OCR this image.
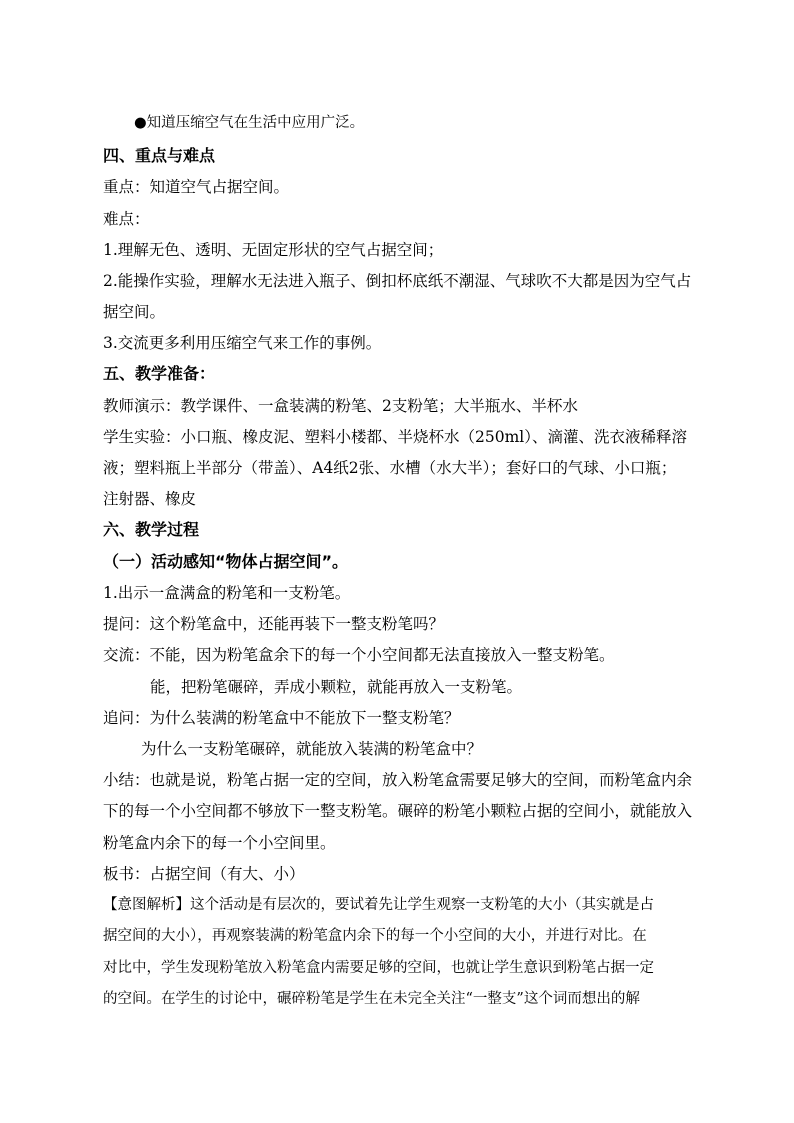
●知道压缩空气在生活中应用广泛。
四、重点与难点
重点：知道空气占据空间。
难点：
1.理解无色、透明、无固定形状的空气占据空间；
2.能操作实验，理解水无法进入瓶子、倒扣杯底纸不潮湿、气球吹不大都是因为空气占
据空间。
3.交流更多利用压缩空气来工作的事例。
五、教学准备：
教师演示：教学课件、一盒装满的粉笔、2支粉笔；大半瓶水、半杯水
学生实验：小口瓶、橡皮泥、塑料小楼都、半烧杯水（250ml）、滴灌、洗衣液稀释溶
液；塑料瓶上半部分（带盖）、A4纸2张、水槽（水大半）；套好口的气球、小口瓶；
注射器、橡皮
六、教学过程
（一）活动感知“物体占据空间”。
1.出示一盒满盒的粉笔和一支粉笔。
提问：这个粉笔盒中，还能再装下一整支粉笔吗？
交流：不能，因为粉笔盒余下的每一个小空间都无法直接放入一整支粉笔。
能，把粉笔碾碎，弄成小颗粒，就能再放入一支粉笔。
追问：为什么装满的粉笔盒中不能放下一整支粉笔？
为什么一支粉笔碾碎，就能放入装满的粉笔盒中？
小结：也就是说，粉笔占据一定的空间，放入粉笔盒需要足够大的空间，而粉笔盒内余
下的每一个小空间都不够放下一整支粉笔。碾碎的粉笔小颗粒占据的空间小，就能放入
粉笔盒内余下的每一个小空间里。
板书：占据空间（有大、小）
【意图解析】这个活动是有层次的，要试着先让学生观察一支粉笔的大小（其实就是占
据空间的大小），再观察装满的粉笔盒内余下的每一个小空间的大小，并进行对比。在
对比中，学生发现粉笔放入粉笔盒内需要足够的空间，也就让学生意识到粉笔占据一定
的空间。在学生的讨论中，碾碎粉笔是学生在未完全关注“一整支”这个词而想出的解
